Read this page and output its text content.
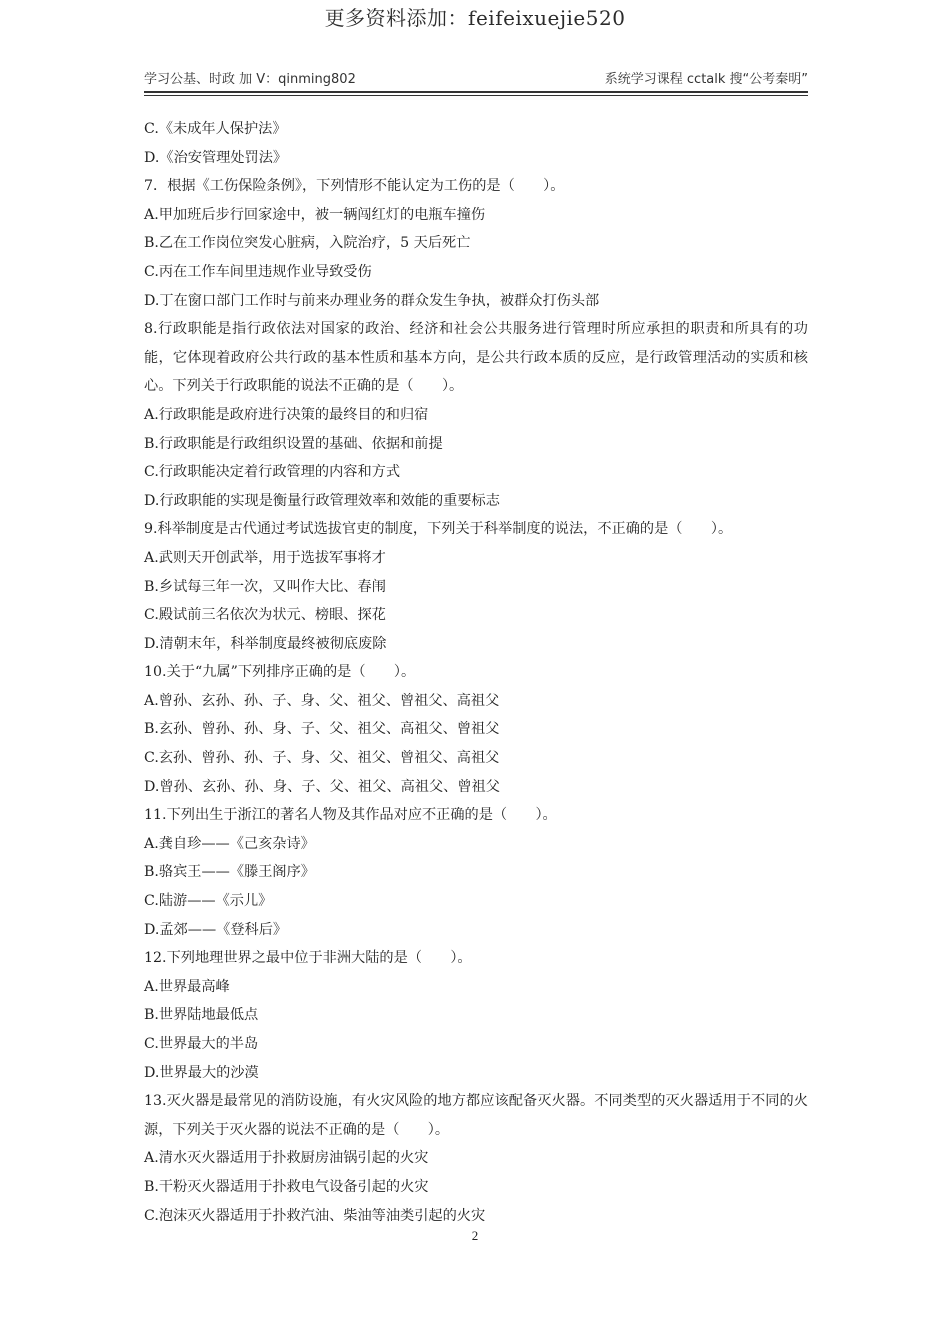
更多资料添加：feifeixuejie520
学习公基、时政 加 V：qinming802	系统学习课程 cctalk 搜“公考秦明”
C.《未成年人保护法》
D.《治安管理处罚法》
7．根据《工伤保险条例》，下列情形不能认定为工伤的是（　　）。
A.甲加班后步行回家途中，被一辆闯红灯的电瓶车撞伤
B.乙在工作岗位突发心脏病，入院治疗，5 天后死亡
C.丙在工作车间里违规作业导致受伤
D.丁在窗口部门工作时与前来办理业务的群众发生争执，被群众打伤头部
8.行政职能是指行政依法对国家的政治、经济和社会公共服务进行管理时所应承担的职责和所具有的功能，它体现着政府公共行政的基本性质和基本方向，是公共行政本质的反应，是行政管理活动的实质和核心。下列关于行政职能的说法不正确的是（　　）。
A.行政职能是政府进行决策的最终目的和归宿
B.行政职能是行政组织设置的基础、依据和前提
C.行政职能决定着行政管理的内容和方式
D.行政职能的实现是衡量行政管理效率和效能的重要标志
9.科举制度是古代通过考试选拔官吏的制度，下列关于科举制度的说法，不正确的是（　　）。
A.武则天开创武举，用于选拔军事将才
B.乡试每三年一次，又叫作大比、春闱
C.殿试前三名依次为状元、榜眼、探花
D.清朝末年，科举制度最终被彻底废除
10.关于“九属”下列排序正确的是（　　）。
A.曾孙、玄孙、孙、子、身、父、祖父、曾祖父、高祖父
B.玄孙、曾孙、孙、身、子、父、祖父、高祖父、曾祖父
C.玄孙、曾孙、孙、子、身、父、祖父、曾祖父、高祖父
D.曾孙、玄孙、孙、身、子、父、祖父、高祖父、曾祖父
11.下列出生于浙江的著名人物及其作品对应不正确的是（　　）。
A.龚自珍——《己亥杂诗》
B.骆宾王——《滕王阁序》
C.陆游——《示儿》
D.孟郊——《登科后》
12.下列地理世界之最中位于非洲大陆的是（　　）。
A.世界最高峰
B.世界陆地最低点
C.世界最大的半岛
D.世界最大的沙漠
13.灭火器是最常见的消防设施，有火灾风险的地方都应该配备灭火器。不同类型的灭火器适用于不同的火源，下列关于灭火器的说法不正确的是（　　）。
A.清水灭火器适用于扑救厨房油锅引起的火灾
B.干粉灭火器适用于扑救电气设备引起的火灾
C.泡沫灭火器适用于扑救汽油、柴油等油类引起的火灾
2
